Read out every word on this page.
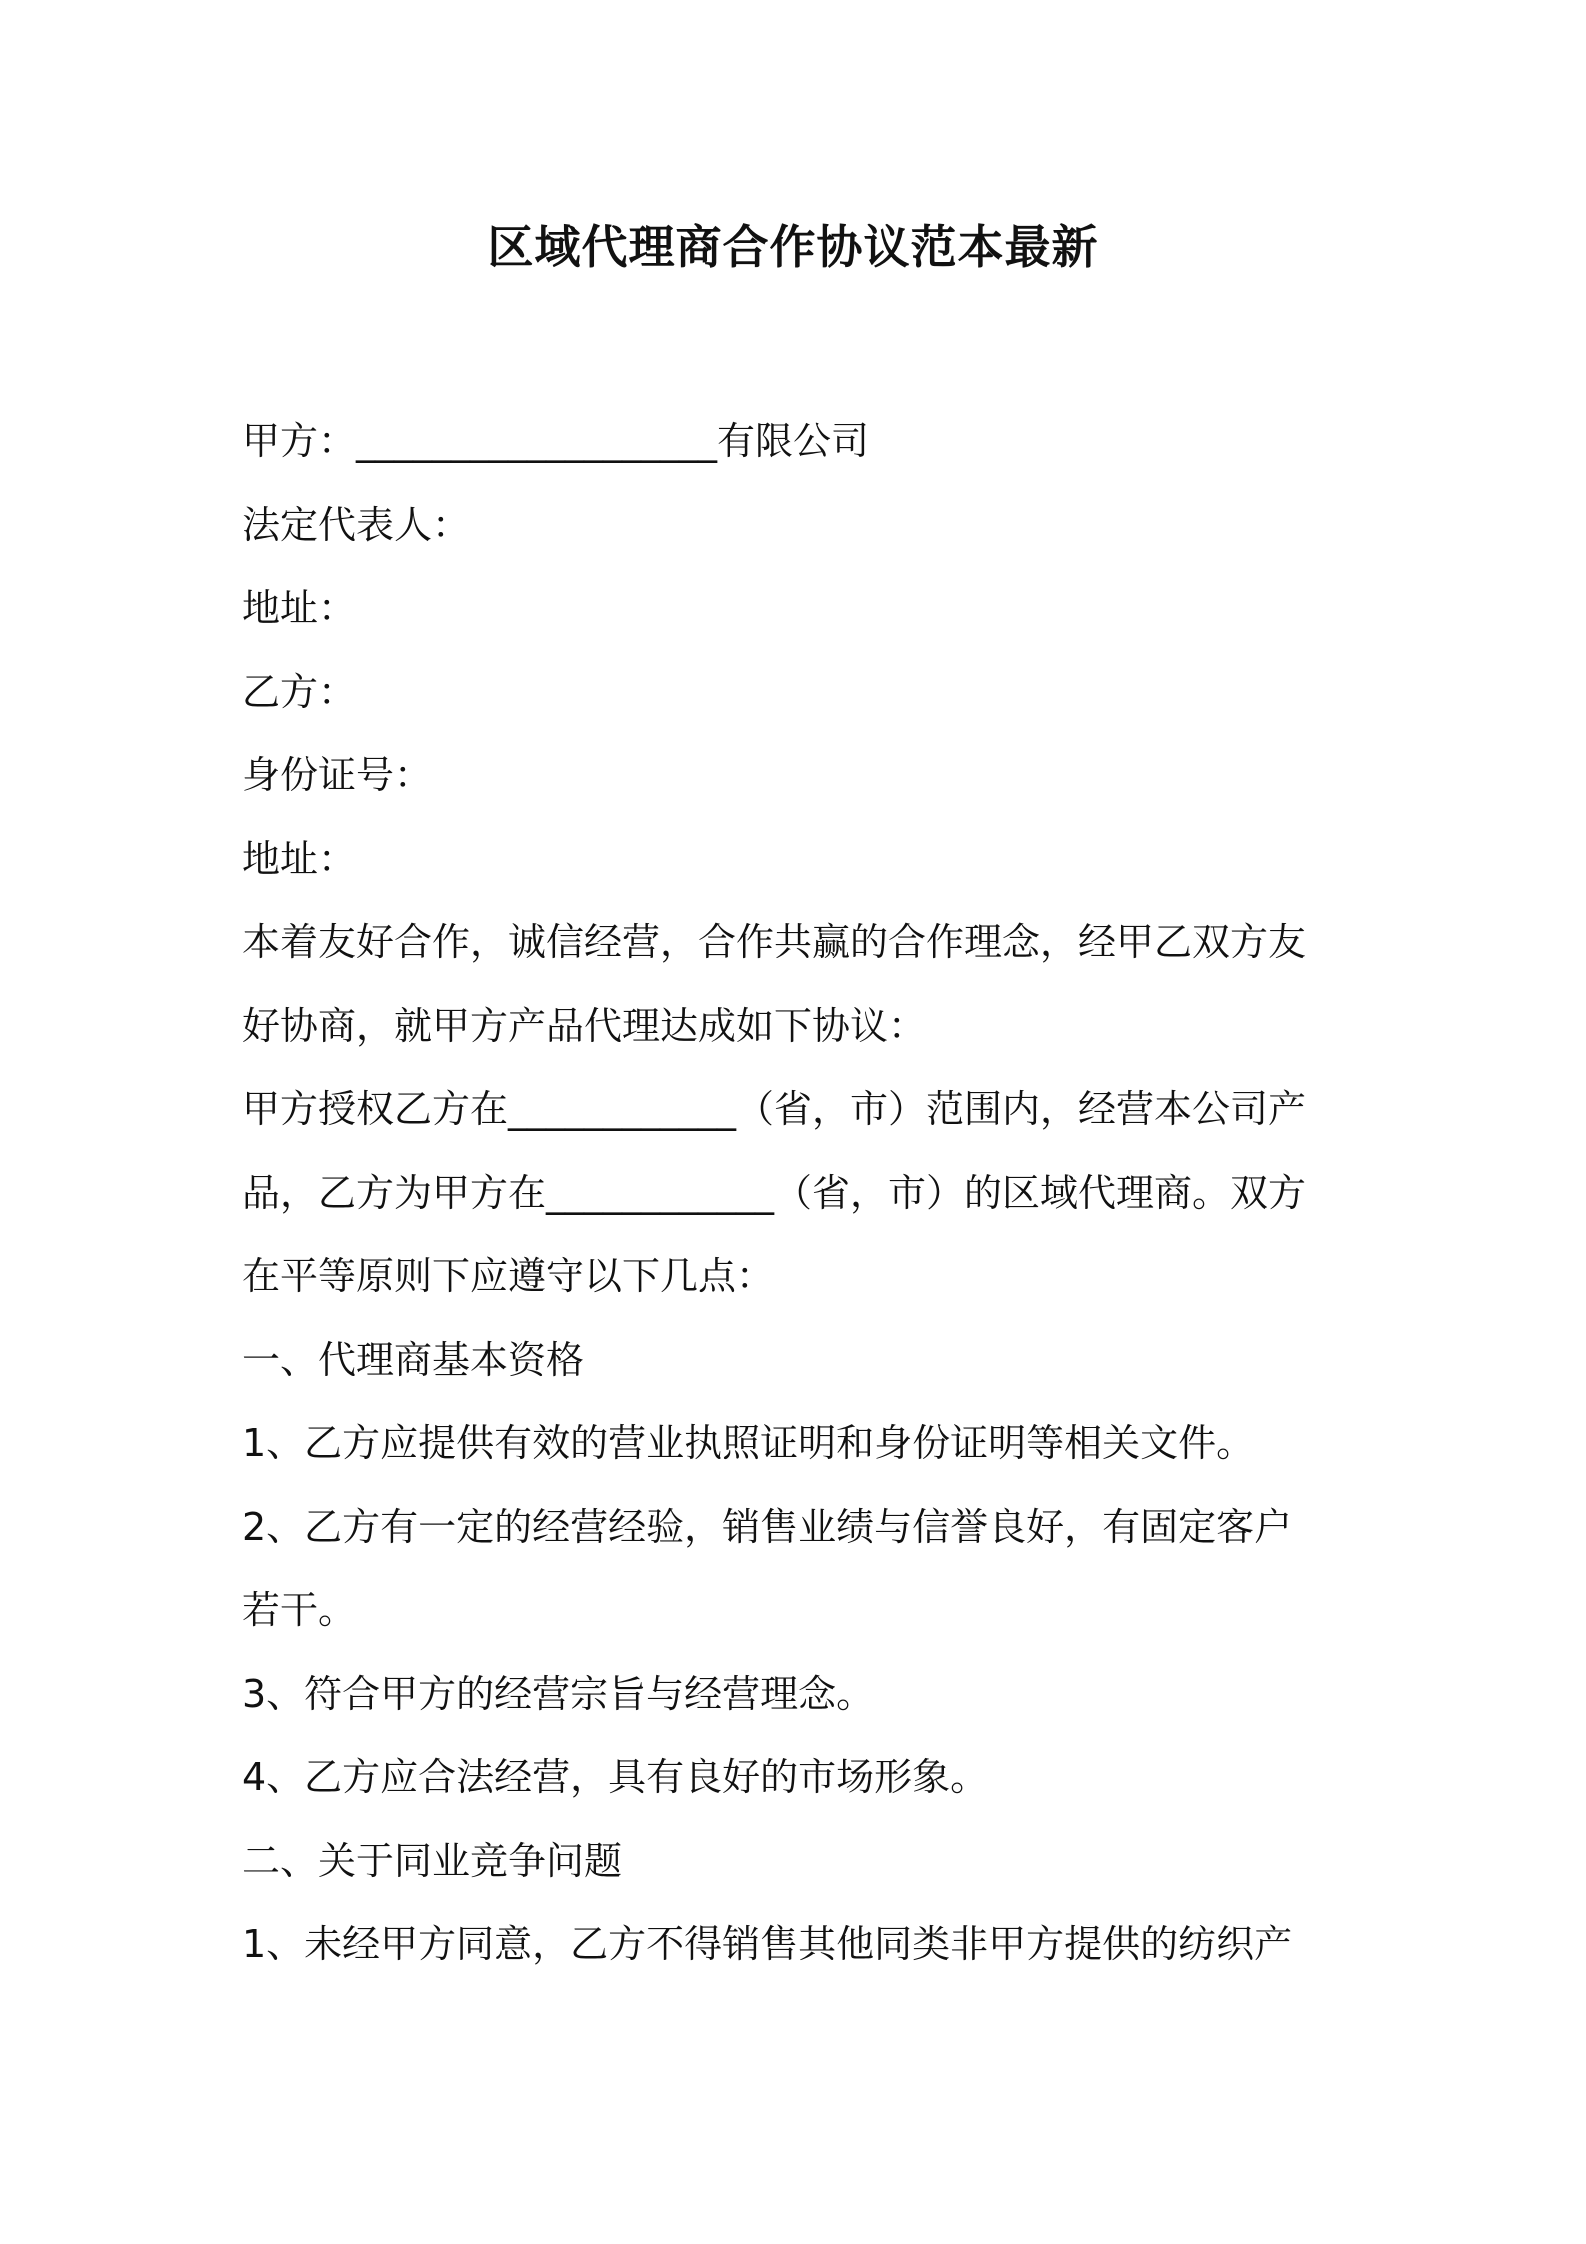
区域代理商合作协议范本最新
甲方：___________________有限公司
法定代表人：
地址：
乙方：
身份证号：
地址：
本着友好合作，诚信经营，合作共赢的合作理念，经甲乙双方友
好协商，就甲方产品代理达成如下协议：
甲方授权乙方在____________（省，市）范围内，经营本公司产
品，乙方为甲方在____________（省，市）的区域代理商。双方
在平等原则下应遵守以下几点：
一、代理商基本资格
1、乙方应提供有效的营业执照证明和身份证明等相关文件。
2、乙方有一定的经营经验，销售业绩与信誉良好，有固定客户
若干。
3、符合甲方的经营宗旨与经营理念。
4、乙方应合法经营，具有良好的市场形象。
二、关于同业竞争问题
1、未经甲方同意，乙方不得销售其他同类非甲方提供的纺织产
